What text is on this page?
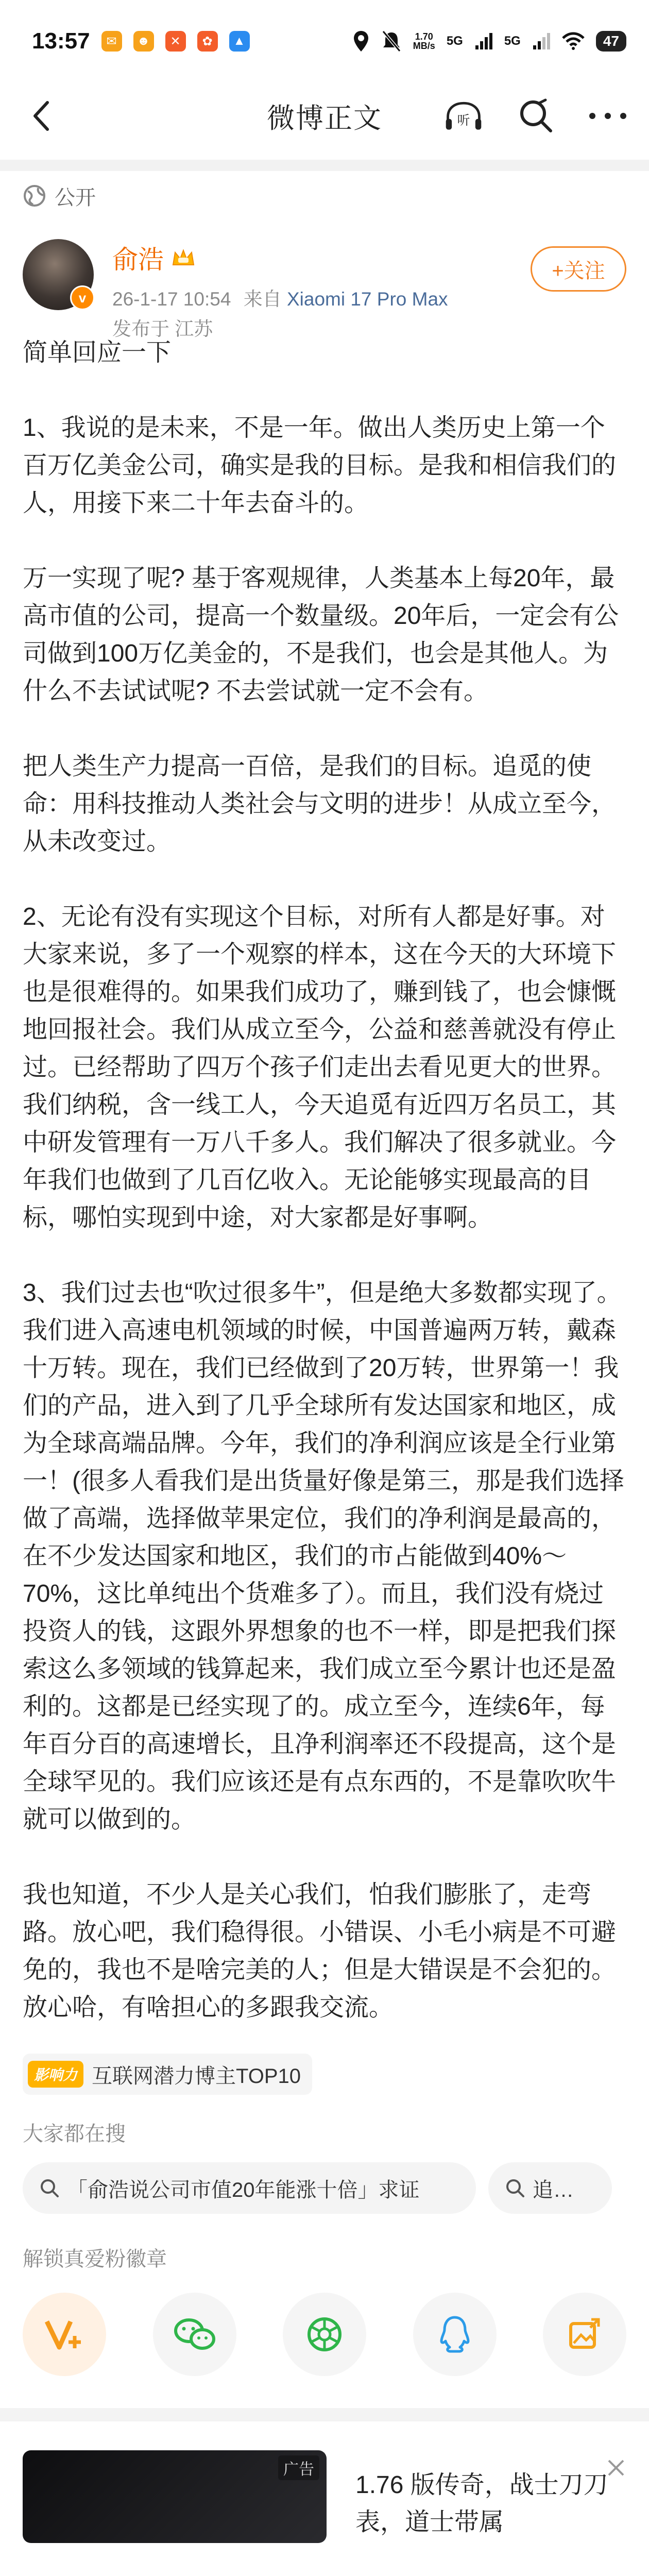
13:57	✉	☻	✕	✿	▲	1.70
MB/s 5G	5G	47
微博正文	听
公开
v
俞浩
26-1-17 10:54 来自 Xiaomi 17 Pro Max
发布于 江苏
+关注

简单回应一下

1、我说的是未来，不是一年。做出人类历史上第一个百万亿美金公司，确实是我的目标。是我和相信我们的人，用接下来二十年去奋斗的。

万一实现了呢? 基于客观规律，人类基本上每20年，最高市值的公司，提高一个数量级。20年后，一定会有公司做到100万亿美金的，不是我们，也会是其他人。为什么不去试试呢? 不去尝试就一定不会有。

把人类生产力提高一百倍，是我们的目标。追觅的使命：用科技推动人类社会与文明的进步！从成立至今，从未改变过。

2、无论有没有实现这个目标，对所有人都是好事。对大家来说，多了一个观察的样本，这在今天的大环境下也是很难得的。如果我们成功了，赚到钱了，也会慷慨地回报社会。我们从成立至今，公益和慈善就没有停止过。已经帮助了四万个孩子们走出去看见更大的世界。我们纳税，含一线工人，今天追觅有近四万名员工，其中研发管理有一万八千多人。我们解决了很多就业。今年我们也做到了几百亿收入。无论能够实现最高的目标，哪怕实现到中途，对大家都是好事啊。

3、我们过去也“吹过很多牛”，但是绝大多数都实现了。我们进入高速电机领域的时候，中国普遍两万转，戴森十万转。现在，我们已经做到了20万转，世界第一！我们的产品，进入到了几乎全球所有发达国家和地区，成为全球高端品牌。今年，我们的净利润应该是全行业第一！(很多人看我们是出货量好像是第三，那是我们选择做了高端，选择做苹果定位，我们的净利润是最高的，在不少发达国家和地区，我们的市占能做到40%～70%，这比单纯出个货难多了）。而且，我们没有烧过投资人的钱，这跟外界想象的也不一样，即是把我们探索这么多领域的钱算起来，我们成立至今累计也还是盈利的。这都是已经实现了的。成立至今，连续6年，每年百分百的高速增长，且净利润率还不段提高，这个是全球罕见的。我们应该还是有点东西的，不是靠吹吹牛就可以做到的。

我也知道，不少人是关心我们，怕我们膨胀了，走弯路。放心吧，我们稳得很。小错误、小毛小病是不可避免的，我也不是啥完美的人；但是大错误是不会犯的。放心哈，有啥担心的多跟我交流。

影响力 互联网潜力博主TOP10
大家都在搜
「俞浩说公司市值20年能涨十倍」求证	追…
解锁真爱粉徽章
广告
1.76 版传奇，战士刀刀表，道士带属
